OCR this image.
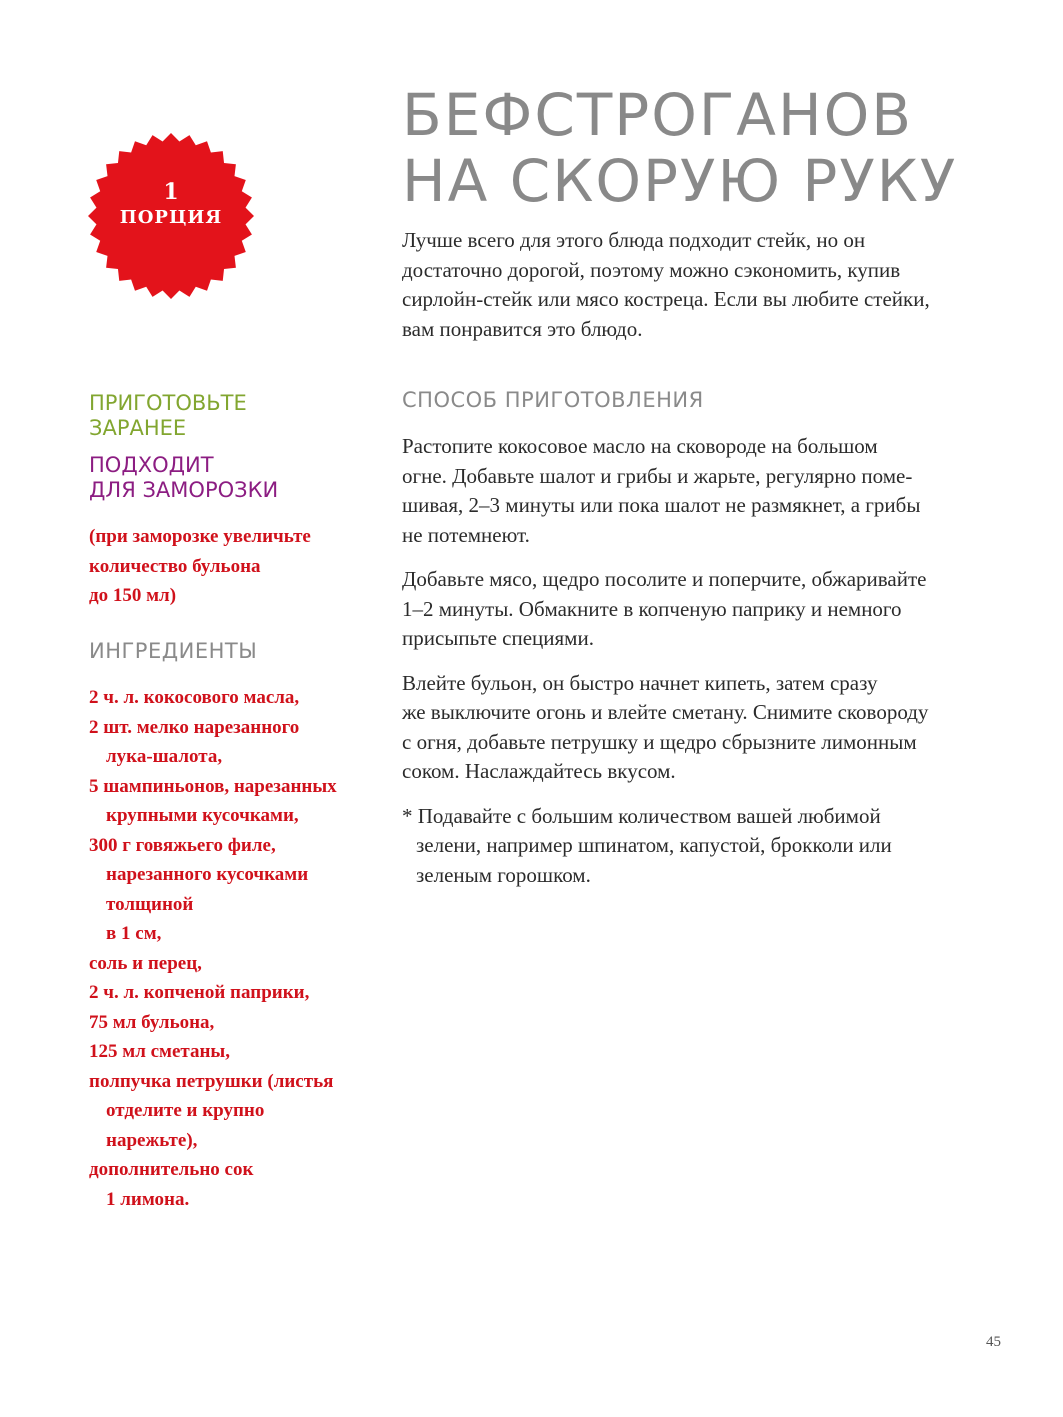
1
ПОРЦИЯ
БЕФСТРОГАНОВ
НА СКОРУЮ РУКУ

Лучше всего для этого блюда подходит стейк, но он
достаточно дорогой, поэтому можно сэкономить, купив
сирлойн-стейк или мясо кострецa. Если вы любите стейки,
вам понравится это блюдо.

ПРИГОТОВЬТЕ
ЗАРАНЕЕ
ПОДХОДИТ
ДЛЯ ЗАМОРОЗКИ

(при заморозке увеличьте
количество бульона
до 150 мл)

ИНГРЕДИЕНТЫ
2 ч. л. кокосового масла,
2 шт. мелко нарезанного
лука-шалота,
5 шампиньонов, нарезанных
крупными кусочками,
300 г говяжьего филе,
нарезанного кусочками
толщиной
в 1 см,
соль и перец,
2 ч. л. копченой паприки,
75 мл бульона,
125 мл сметаны,
полпучка петрушки (листья
отделите и крупно
нарежьте),
дополнительно сок
1 лимона.
СПОСОБ ПРИГОТОВЛЕНИЯ

Растопите кокосовое масло на сковороде на большом
огне. Добавьте шалот и грибы и жарьте, регулярно поме-
шивая, 2–3 минуты или пока шалот не размякнет, а грибы
не потемнеют.

Добавьте мясо, щедро посолите и поперчите, обжаривайте
1–2 минуты. Обмакните в копченую паприку и немного
присыпьте специями.

Влейте бульон, он быстро начнет кипеть, затем сразу
же выключите огонь и влейте сметану. Снимите сковороду
с огня, добавьте петрушку и щедро сбрызните лимонным
соком. Наслаждайтесь вкусом.

* Подавайте с большим количеством вашей любимой
зелени, например шпинатом, капустой, брокколи или
зеленым горошком.

45
